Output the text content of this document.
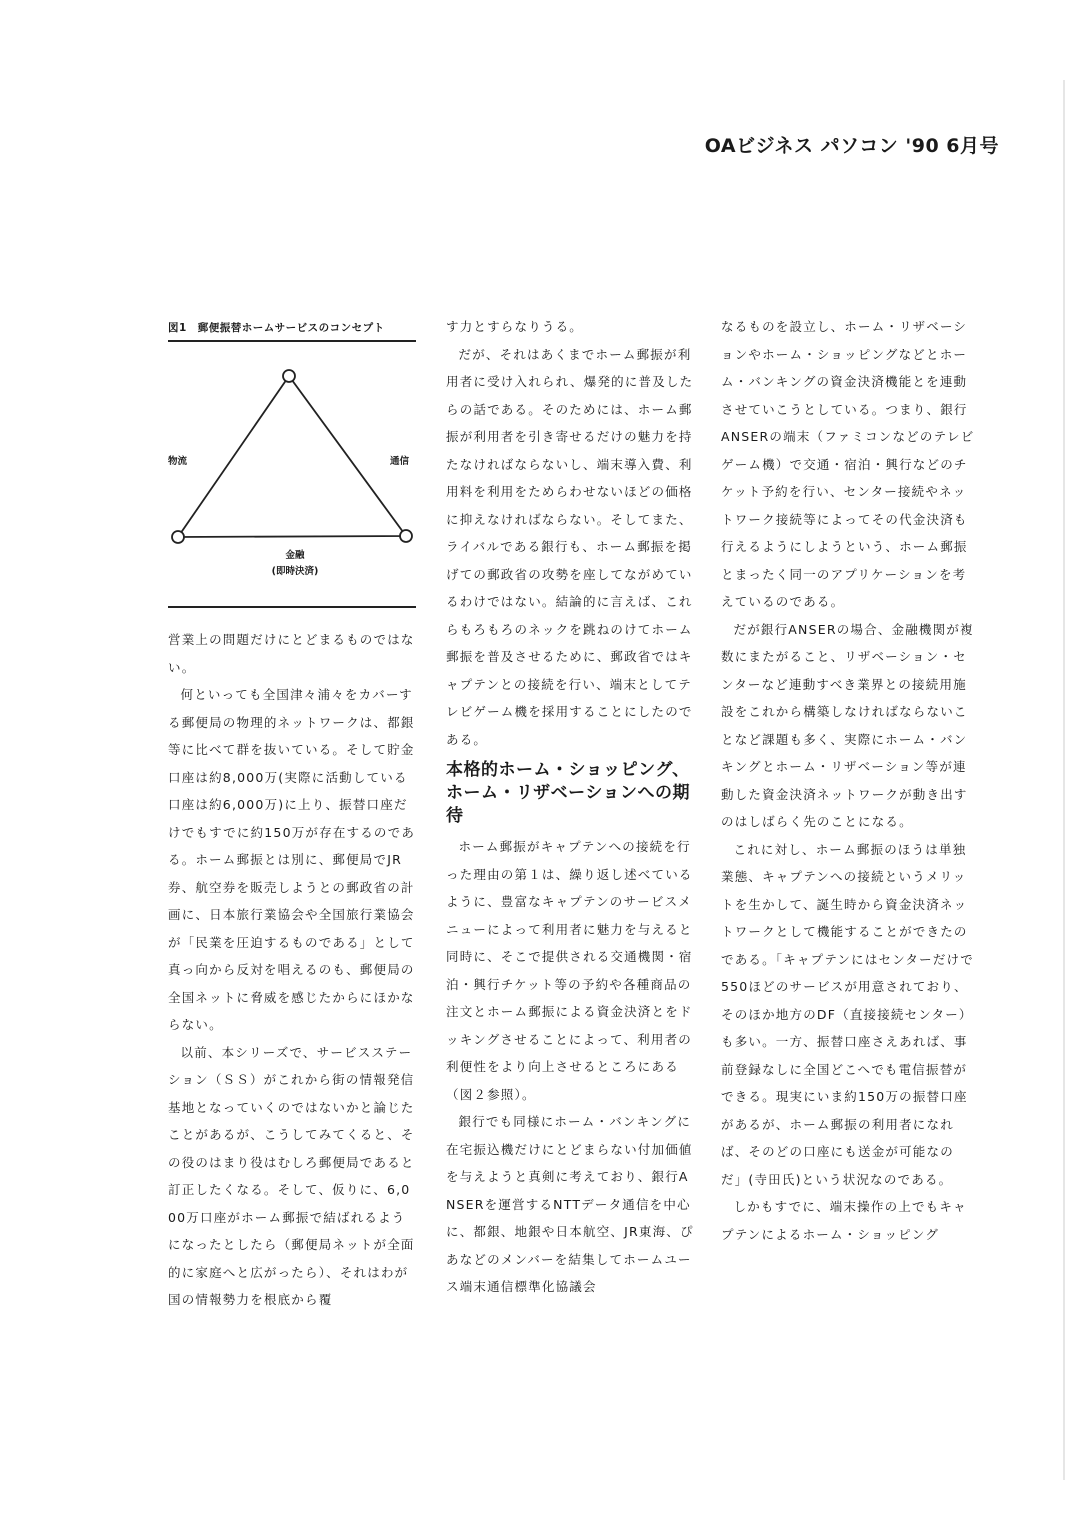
OAビジネス パソコン '90 6月号
図1　郵便振替ホームサービスのコンセプト
物流	通信
金融
(即時決済)

営業上の問題だけにとどまるものではない。

何といっても全国津々浦々をカバーする郵便局の物理的ネットワークは、都銀等に比べて群を抜いている。そして貯金口座は約8,000万(実際に活動している口座は約6,000万)に上り、振替口座だけでもすでに約150万が存在するのである。ホーム郵振とは別に、郵便局でJR券、航空券を販売しようとの郵政省の計画に、日本旅行業協会や全国旅行業協会が「民業を圧迫するものである」として真っ向から反対を唱えるのも、郵便局の全国ネットに脅威を感じたからにほかならない。

以前、本シリーズで、サービスステーション（ＳＳ）がこれから街の情報発信基地となっていくのではないかと論じたことがあるが、こうしてみてくると、その役のはまり役はむしろ郵便局であると訂正したくなる。そして、仮りに、6,000万口座がホーム郵振で結ばれるようになったとしたら（郵便局ネットが全面的に家庭へと広がったら）、それはわが国の情報勢力を根底から覆

す力とすらなりうる。

だが、それはあくまでホーム郵振が利用者に受け入れられ、爆発的に普及したらの話である。そのためには、ホーム郵振が利用者を引き寄せるだけの魅力を持たなければならないし、端末導入費、利用料を利用をためらわせないほどの価格に抑えなければならない。そしてまた、ライバルである銀行も、ホーム郵振を掲げての郵政省の攻勢を座してながめているわけではない。結論的に言えば、これらもろもろのネックを跳ねのけてホーム郵振を普及させるために、郵政省ではキャプテンとの接続を行い、端末としてテレビゲーム機を採用することにしたのである。

本格的ホーム・ショッピング、ホーム・リザベーションへの期待

ホーム郵振がキャプテンへの接続を行った理由の第１は、繰り返し述べているように、豊富なキャプテンのサービスメニューによって利用者に魅力を与えると同時に、そこで提供される交通機関・宿泊・興行チケット等の予約や各種商品の注文とホーム郵振による資金決済とをドッキングさせることによって、利用者の利便性をより向上させるところにある（図２参照）。

銀行でも同様にホーム・バンキングに在宅振込機だけにとどまらない付加価値を与えようと真剣に考えており、銀行ANSERを運営するNTTデータ通信を中心に、都銀、地銀や日本航空、JR東海、ぴあなどのメンバーを結集してホームユース端末通信標準化協議会

なるものを設立し、ホーム・リザベーションやホーム・ショッピングなどとホーム・バンキングの資金決済機能とを連動させていこうとしている。つまり、銀行ANSERの端末（ファミコンなどのテレビゲーム機）で交通・宿泊・興行などのチケット予約を行い、センター接続やネットワーク接続等によってその代金決済も行えるようにしようという、ホーム郵振とまったく同一のアプリケーションを考えているのである。

だが銀行ANSERの場合、金融機関が複数にまたがること、リザベーション・センターなど連動すべき業界との接続用施設をこれから構築しなければならないことなど課題も多く、実際にホーム・バンキングとホーム・リザベーション等が連動した資金決済ネットワークが動き出すのはしばらく先のことになる。

これに対し、ホーム郵振のほうは単独業態、キャプテンへの接続というメリットを生かして、誕生時から資金決済ネットワークとして機能することができたのである。「キャプテンにはセンターだけで550ほどのサービスが用意されており、そのほか地方のDF（直接接続センター）も多い。一方、振替口座さえあれば、事前登録なしに全国どこへでも電信振替ができる。現実にいま約150万の振替口座があるが、ホーム郵振の利用者になれば、そのどの口座にも送金が可能なのだ」(寺田氏)という状況なのである。

しかもすでに、端末操作の上でもキャプテンによるホーム・ショッピング
